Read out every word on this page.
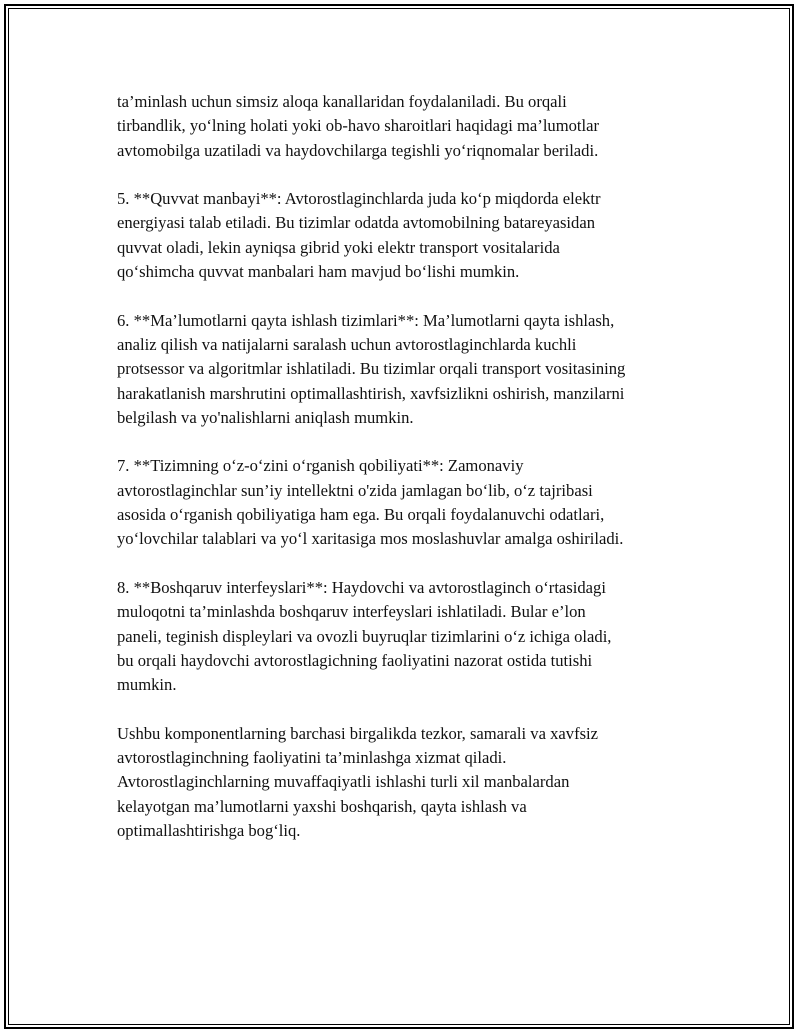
ta’minlash uchun simsiz aloqa kanallaridan foydalaniladi. Bu orqali
tirbandlik, yo‘lning holati yoki ob-havo sharoitlari haqidagi ma’lumotlar
avtomobilga uzatiladi va haydovchilarga tegishli yo‘riqnomalar beriladi.

5. **Quvvat manbayi**: Avtorostlaginchlarda juda ko‘p miqdorda elektr
energiyasi talab etiladi. Bu tizimlar odatda avtomobilning batareyasidan
quvvat oladi, lekin ayniqsa gibrid yoki elektr transport vositalarida
qo‘shimcha quvvat manbalari ham mavjud bo‘lishi mumkin.

6. **Ma’lumotlarni qayta ishlash tizimlari**: Ma’lumotlarni qayta ishlash,
analiz qilish va natijalarni saralash uchun avtorostlaginchlarda kuchli
protsessor va algoritmlar ishlatiladi. Bu tizimlar orqali transport vositasining
harakatlanish marshrutini optimallashtirish, xavfsizlikni oshirish, manzilarni
belgilash va yo'nalishlarni aniqlash mumkin.

7. **Tizimning o‘z-o‘zini o‘rganish qobiliyati**: Zamonaviy
avtorostlaginchlar sun’iy intellektni o'zida jamlagan bo‘lib, o‘z tajribasi
asosida o‘rganish qobiliyatiga ham ega. Bu orqali foydalanuvchi odatlari,
yo‘lovchilar talablari va yo‘l xaritasiga mos moslashuvlar amalga oshiriladi.

8. **Boshqaruv interfeyslari**: Haydovchi va avtorostlaginch o‘rtasidagi
muloqotni ta’minlashda boshqaruv interfeyslari ishlatiladi. Bular e’lon
paneli, teginish displeylari va ovozli buyruqlar tizimlarini o‘z ichiga oladi,
bu orqali haydovchi avtorostlagichning faoliyatini nazorat ostida tutishi
mumkin.

Ushbu komponentlarning barchasi birgalikda tezkor, samarali va xavfsiz
avtorostlaginchning faoliyatini ta’minlashga xizmat qiladi.
Avtorostlaginchlarning muvaffaqiyatli ishlashi turli xil manbalardan
kelayotgan ma’lumotlarni yaxshi boshqarish, qayta ishlash va
optimallashtirishga bog‘liq.
